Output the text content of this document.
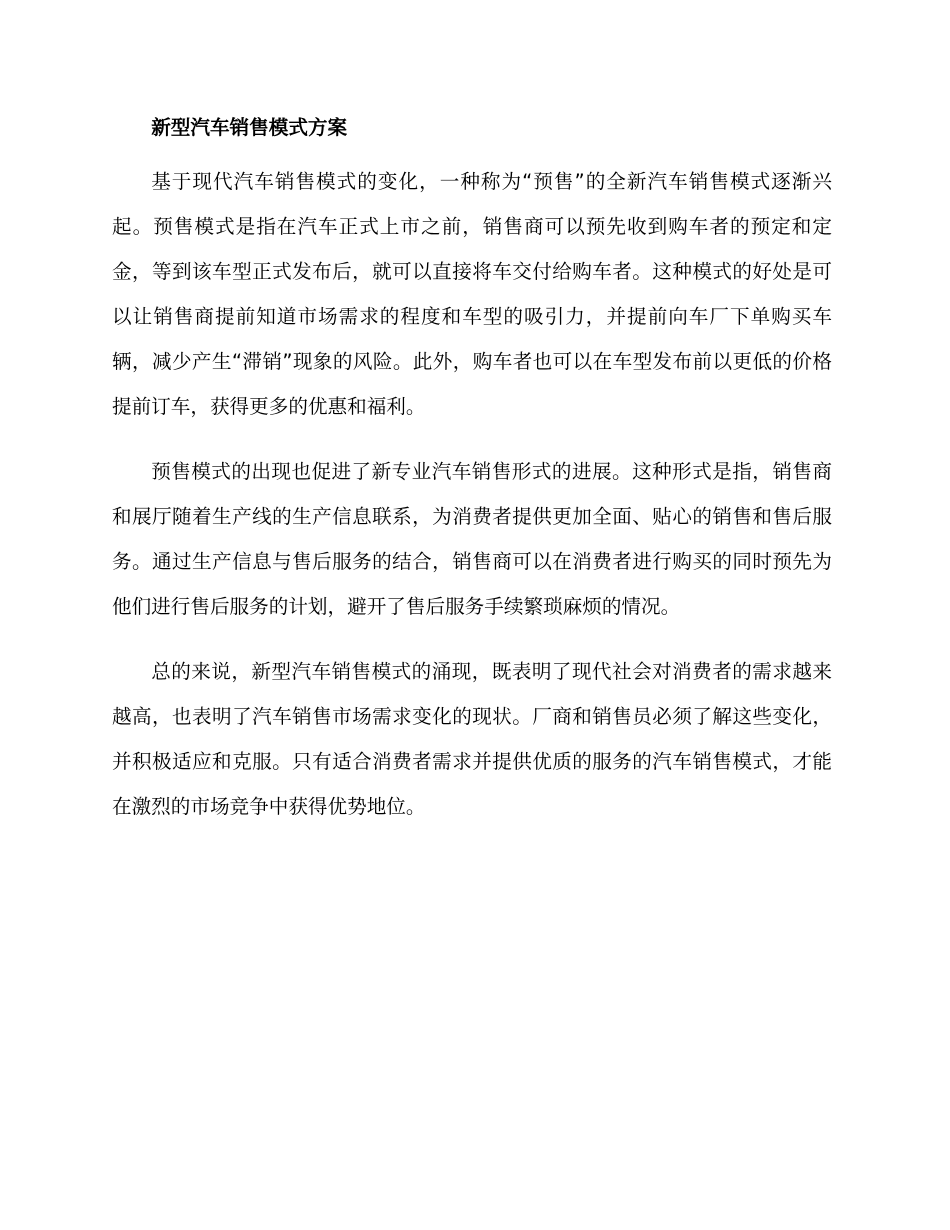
新型汽车销售模式方案

基于现代汽车销售模式的变化，一种称为“预售”的全新汽车销售模式逐渐兴起。预售模式是指在汽车正式上市之前，销售商可以预先收到购车者的预定和定金，等到该车型正式发布后，就可以直接将车交付给购车者。这种模式的好处是可以让销售商提前知道市场需求的程度和车型的吸引力，并提前向车厂下单购买车辆，减少产生“滞销”现象的风险。此外，购车者也可以在车型发布前以更低的价格提前订车，获得更多的优惠和福利。

预售模式的出现也促进了新专业汽车销售形式的进展。这种形式是指，销售商和展厅随着生产线的生产信息联系，为消费者提供更加全面、贴心的销售和售后服务。通过生产信息与售后服务的结合，销售商可以在消费者进行购买的同时预先为他们进行售后服务的计划，避开了售后服务手续繁琐麻烦的情况。

总的来说，新型汽车销售模式的涌现，既表明了现代社会对消费者的需求越来越高，也表明了汽车销售市场需求变化的现状。厂商和销售员必须了解这些变化，并积极适应和克服。只有适合消费者需求并提供优质的服务的汽车销售模式，才能在激烈的市场竞争中获得优势地位。
